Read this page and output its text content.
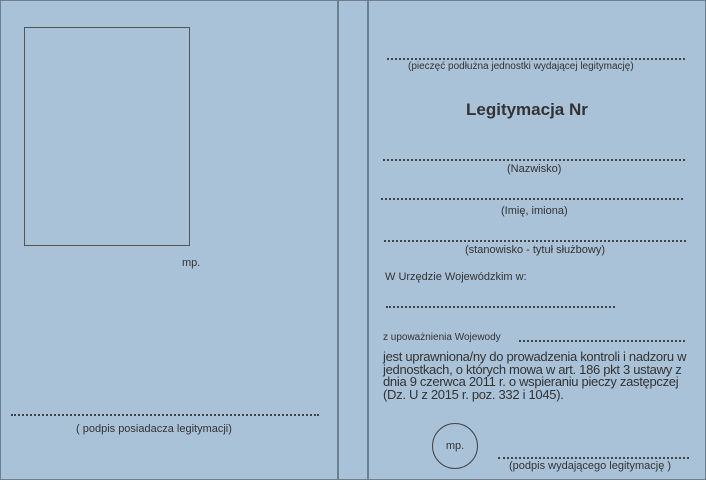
mp.
( podpis posiadacza legitymacji)
(pieczęć podłużna jednostki wydającej legitymację)
Legitymacja Nr
(Nazwisko)
(Imię, imiona)
(stanowisko - tytuł służbowy)
W Urzędzie Wojewódzkim w:
z upoważnienia Wojewody
jest uprawniona/ny do prowadzenia kontroli i nadzoru w jednostkach, o których mowa w art. 186 pkt 3 ustawy z dnia 9 czerwca 2011 r. o wspieraniu pieczy zastępczej (Dz. U z 2015 r. poz. 332 i 1045).
mp.
(podpis wydającego legitymację )
